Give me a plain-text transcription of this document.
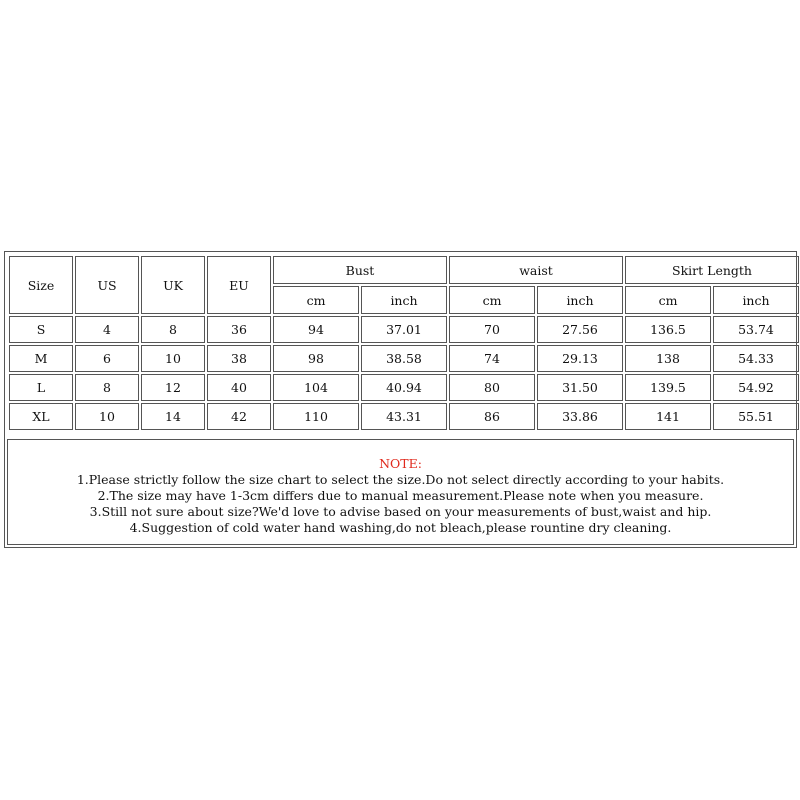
Size	US	UK	EU	Bust		waist		Skirt Length	
				cm	inch	cm	inch	cm	inch
S	4	8	36	94	37.01	70	27.56	136.5	53.74
M	6	10	38	98	38.58	74	29.13	138	54.33
L	8	12	40	104	40.94	80	31.50	139.5	54.92
XL	10	14	42	110	43.31	86	33.86	141	55.51
NOTE:
1.Please strictly follow the size chart to select the size.Do not select directly according to your habits.
2.The size may have 1-3cm differs due to manual measurement.Please note when you measure.
3.Still not sure about size?We'd love to advise based on your measurements of bust,waist and hip.
4.Suggestion of cold water hand washing,do not bleach,please rountine dry cleaning.
